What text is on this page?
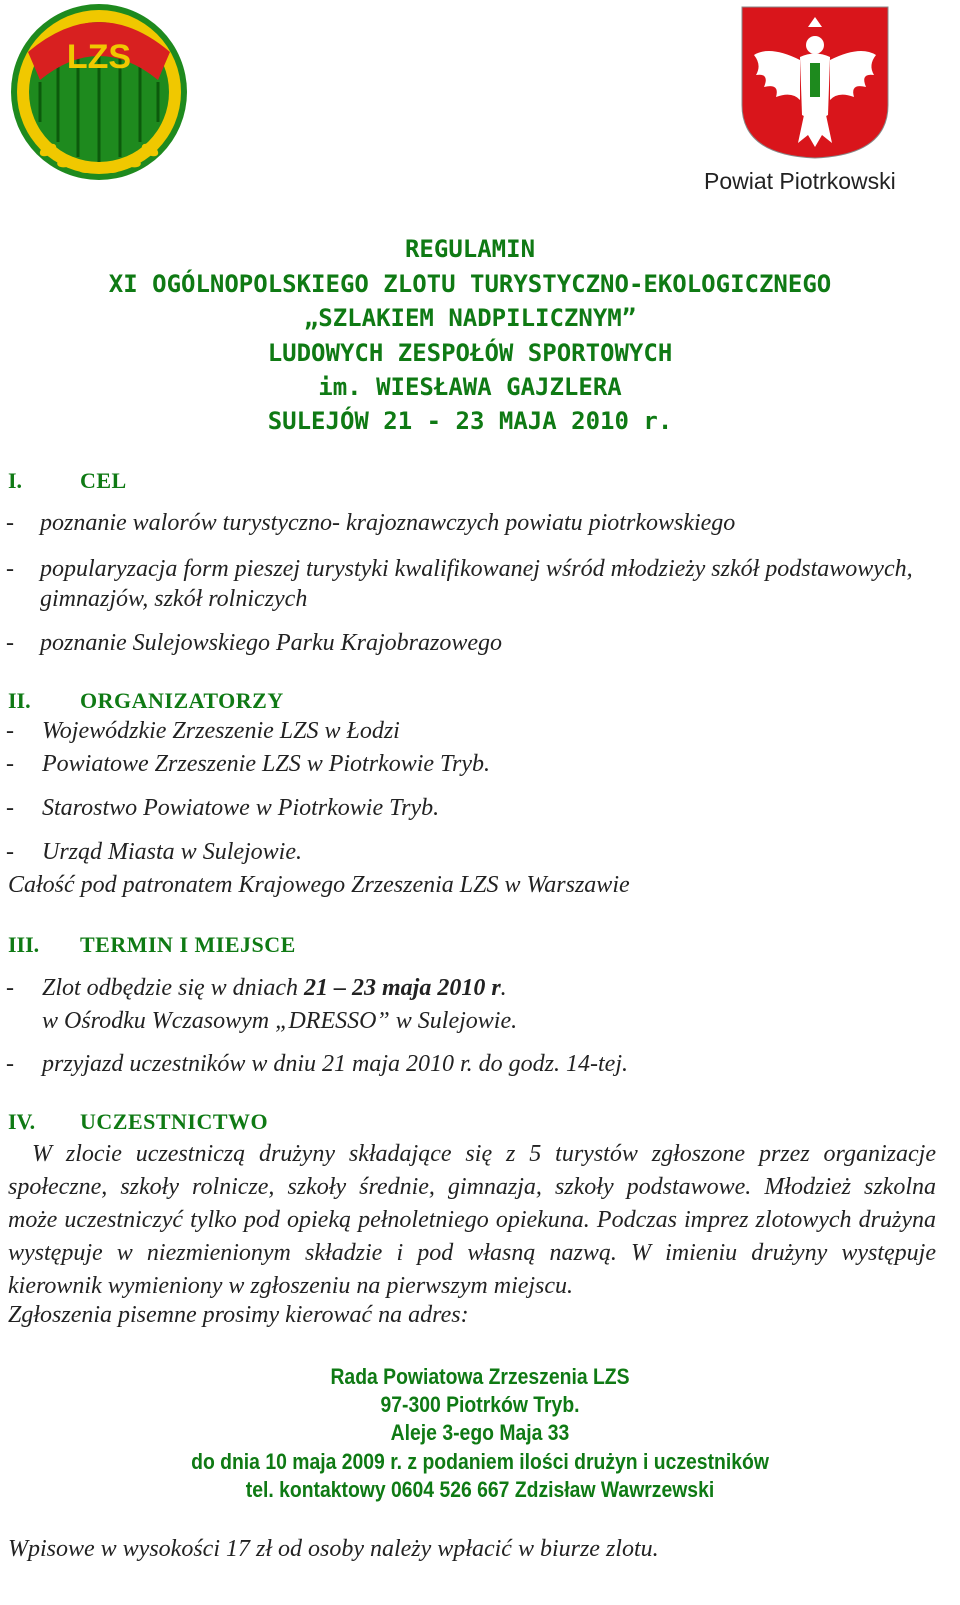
LZS
Powiat Piotrkowski
REGULAMIN
XI OGÓLNOPOLSKIEGO ZLOTU TURYSTYCZNO-EKOLOGICZNEGO
„SZLAKIEM NADPILICZNYM”
LUDOWYCH ZESPOŁÓW SPORTOWYCH
im. WIESŁAWA GAJZLERA
SULEJÓW 21 - 23 MAJA 2010 r.
I.	CEL
- poznanie walorów turystyczno- krajoznawczych powiatu piotrkowskiego
- popularyzacja form pieszej turystyki kwalifikowanej wśród młodzieży szkół podstawowych,
gimnazjów, szkół rolniczych
- poznanie Sulejowskiego Parku Krajobrazowego
II. ORGANIZATORZY
- Wojewódzkie Zrzeszenie LZS w Łodzi
- Powiatowe Zrzeszenie LZS w Piotrkowie Tryb.
- Starostwo Powiatowe w Piotrkowie Tryb.
- Urząd Miasta w Sulejowie.
Całość pod patronatem Krajowego Zrzeszenia LZS w Warszawie
III. TERMIN I MIEJSCE
- Zlot odbędzie się w dniach 21 – 23 maja 2010 r.
w Ośrodku Wczasowym „DRESSO” w Sulejowie.
- przyjazd uczestników w dniu 21 maja 2010 r. do godz. 14-tej.
IV. UCZESTNICTWO
W zlocie uczestniczą drużyny składające się z 5 turystów zgłoszone przez organizacje
społeczne, szkoły rolnicze, szkoły średnie, gimnazja, szkoły podstawowe. Młodzież szkolna
może uczestniczyć tylko pod opieką pełnoletniego opiekuna. Podczas imprez zlotowych drużyna
występuje w niezmienionym składzie i pod własną nazwą. W imieniu drużyny występuje
kierownik wymieniony w zgłoszeniu na pierwszym miejscu.
Zgłoszenia pisemne prosimy kierować na adres:
Rada Powiatowa Zrzeszenia LZS
97-300 Piotrków Tryb.
Aleje 3-ego Maja 33
do dnia 10 maja 2009 r. z podaniem ilości drużyn i uczestników
tel. kontaktowy 0604 526 667 Zdzisław Wawrzewski
Wpisowe w wysokości 17 zł od osoby należy wpłacić w biurze zlotu.
